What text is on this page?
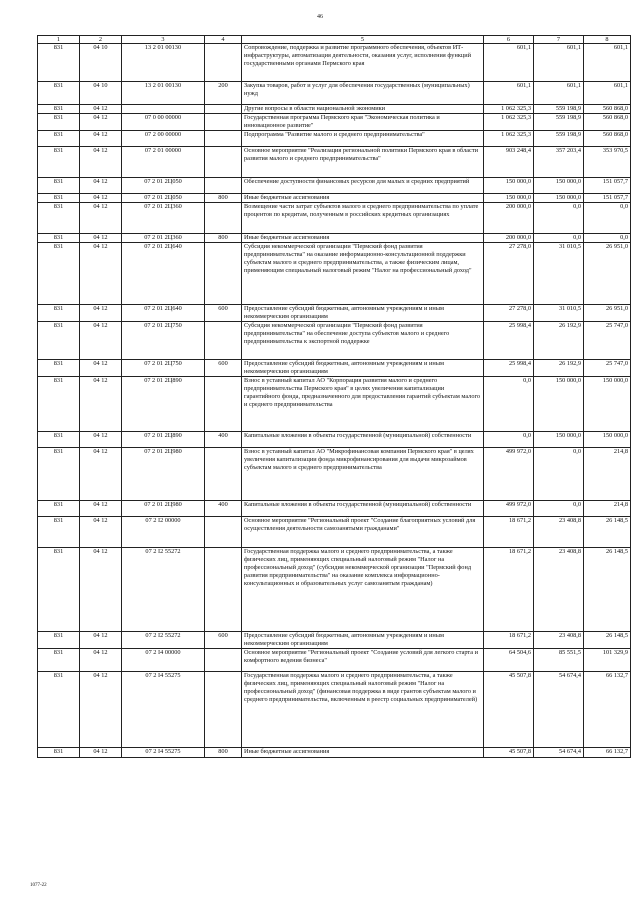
46
1	2	3	4	5	6	7	8
831	04 10	13 2 01 00130		Сопровождение, поддержка и развитие программного обеспечения, объектов ИТ-инфраструктуры, автоматизация деятельности, оказания услуг, исполнения функций государственными органами Пермского края	601,1	601,1	601,1
831	04 10	13 2 01 00130	200	Закупка товаров, работ и услуг для обеспечения государственных (муниципальных) нужд	601,1	601,1	601,1
831	04 12			Другие вопросы в области национальной экономики	1 062 325,3	559 198,9	560 868,0
831	04 12	07 0 00 00000		Государственная программа Пермского края "Экономическая политика и инновационное развитие"	1 062 325,3	559 198,9	560 868,0
831	04 12	07 2 00 00000		Подпрограмма "Развитие малого и среднего предпринимательства"	1 062 325,3	559 198,9	560 868,0
831	04 12	07 2 01 00000		Основное мероприятие "Реализация региональной политики Пермского края в области развития малого и среднего предпринимательства"	903 248,4	357 203,4	353 970,5
831	04 12	07 2 01 2Ц050		Обеспечение доступности финансовых ресурсов для малых и средних предприятий	150 000,0	150 000,0	151 057,7
831	04 12	07 2 01 2Ц050	800	Иные бюджетные ассигнования	150 000,0	150 000,0	151 057,7
831	04 12	07 2 01 2Ц360		Возмещение части затрат субъектов малого и среднего предпринимательства по уплате процентов по кредитам, полученным в российских кредитных организациях	200 000,0	0,0	0,0
831	04 12	07 2 01 2Ц360	800	Иные бюджетные ассигнования	200 000,0	0,0	0,0
831	04 12	07 2 01 2Ц640		Субсидия некоммерческой организации "Пермский фонд развития предпринимательства" на оказание информационно-консультационной поддержки субъектам малого и среднего предпринимательства, а также физическим лицам, применяющим специальный налоговый режим "Налог на профессиональный доход"	27 278,0	31 010,5	26 951,0
831	04 12	07 2 01 2Ц640	600	Предоставление субсидий бюджетным, автономным учреждениям и иным некоммерческим организациям	27 278,0	31 010,5	26 951,0
831	04 12	07 2 01 2Ц750		Субсидия некоммерческой организации "Пермский фонд развития предпринимательства" на обеспечение доступа субъектов малого и среднего предпринимательства к экспортной поддержке	25 998,4	26 192,9	25 747,0
831	04 12	07 2 01 2Ц750	600	Предоставление субсидий бюджетным, автономным учреждениям и иным некоммерческим организациям	25 998,4	26 192,9	25 747,0
831	04 12	07 2 01 2Ц890		Взнос в уставный капитал АО "Корпорация развития малого и среднего предпринимательства Пермского края" в целях увеличения капитализации гарантийного фонда, предназначенного для предоставления гарантий субъектам малого и среднего предпринимательства	0,0	150 000,0	150 000,0
831	04 12	07 2 01 2Ц890	400	Капитальные вложения в объекты государственной (муниципальной) собственности	0,0	150 000,0	150 000,0
831	04 12	07 2 01 2Ц980		Взнос в уставный капитал АО "Микрофинансовая компания Пермского края" в целях увеличения капитализации фонда микрофинансирования для выдачи микрозаймов субъектам малого и среднего предпринимательства	499 972,0	0,0	214,8
831	04 12	07 2 01 2Ц980	400	Капитальные вложения в объекты государственной (муниципальной) собственности	499 972,0	0,0	214,8
831	04 12	07 2 I2 00000		Основное мероприятие "Региональный проект "Создание благоприятных условий для осуществления деятельности самозанятыми гражданами"	18 671,2	23 408,8	26 148,5
831	04 12	07 2 I2 55272		Государственная поддержка малого и среднего предпринимательства, а также физических лиц, применяющих специальный налоговый режим "Налог на профессиональный доход" (субсидия некоммерческой организации "Пермский фонд развития предпринимательства" на оказание комплекса информационно-консультационных и образовательных услуг самозанятым гражданам)	18 671,2	23 408,8	26 148,5
831	04 12	07 2 I2 55272	600	Предоставление субсидий бюджетным, автономным учреждениям и иным некоммерческим организациям	18 671,2	23 408,8	26 148,5
831	04 12	07 2 I4 00000		Основное мероприятие "Региональный проект "Создание условий для легкого старта и комфортного ведения бизнеса"	64 504,6	85 551,5	101 329,9
831	04 12	07 2 I4 55275		Государственная поддержка малого и среднего предпринимательства, а также физических лиц, применяющих специальный налоговый режим "Налог на профессиональный доход" (финансовая поддержка в виде грантов субъектам малого и среднего предпринимательства, включенным в реестр социальных предпринимателей)	45 507,8	54 674,4	66 132,7
831	04 12	07 2 I4 55275	800	Иные бюджетные ассигнования	45 507,8	54 674,4	66 132,7
1077-22
